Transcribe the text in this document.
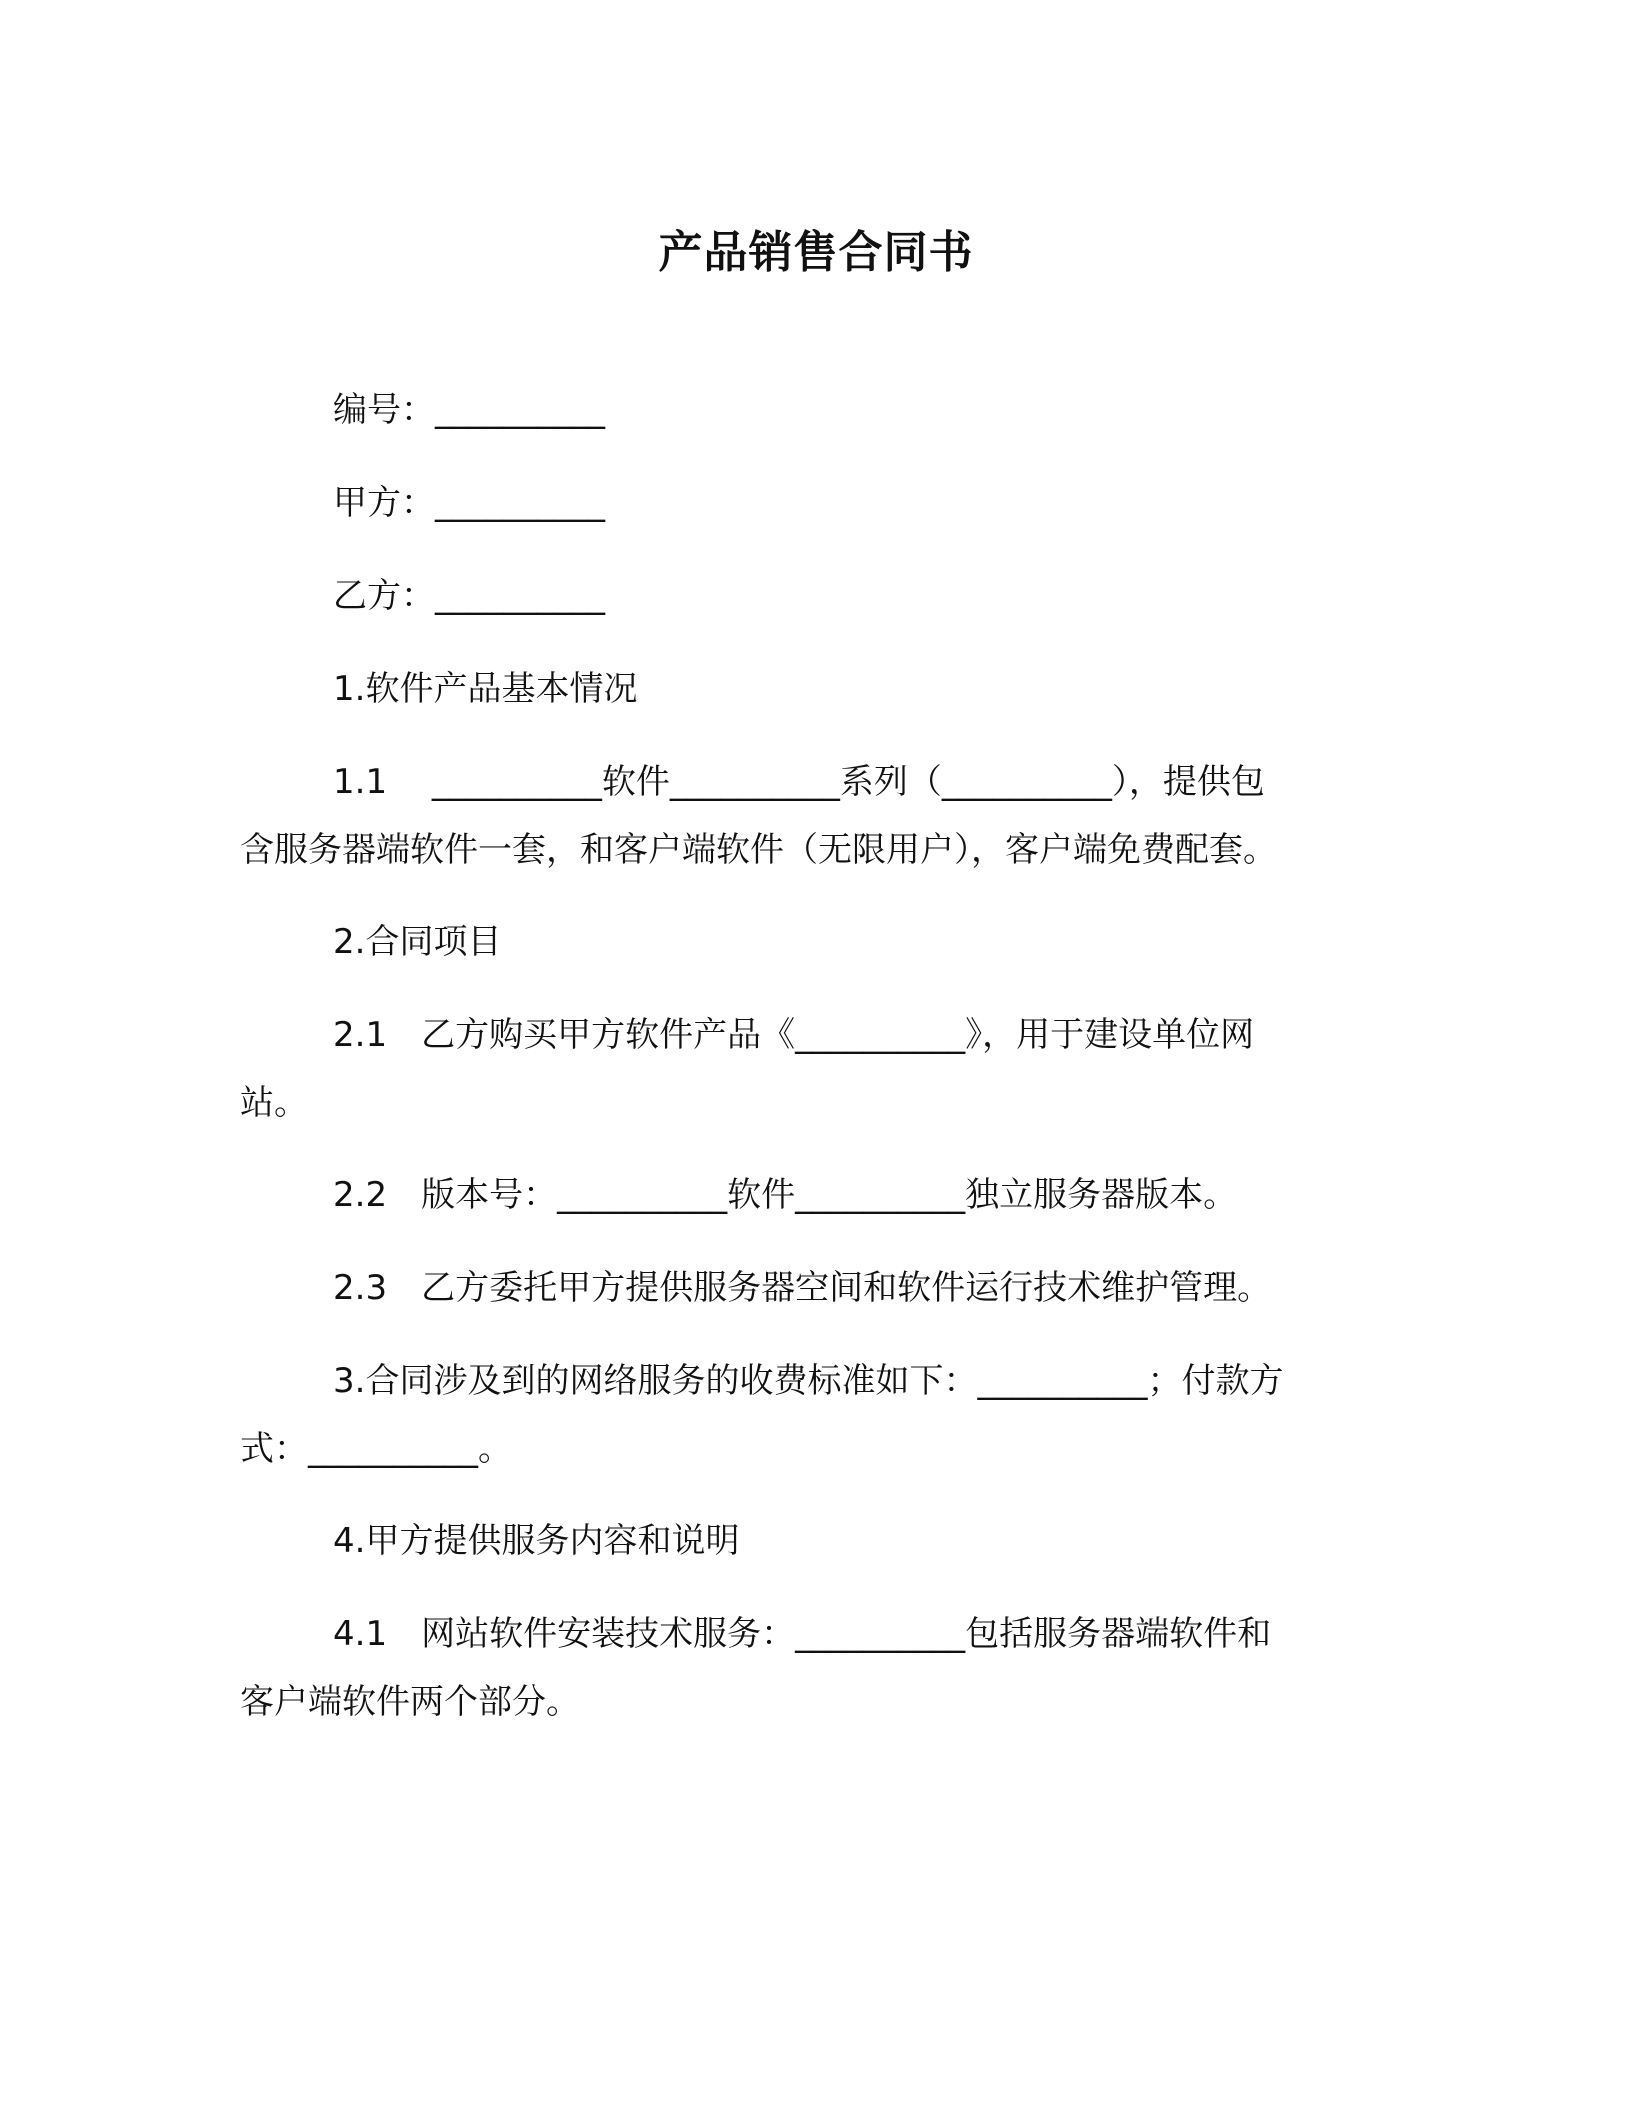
产品销售合同书
编号：__________
甲方：__________
乙方：__________
1.软件产品基本情况
1.1　 __________软件__________系列（__________），提供包
含服务器端软件一套，和客户端软件（无限用户），客户端免费配套。
2.合同项目
2.1　乙方购买甲方软件产品《__________》，用于建设单位网
站。
2.2　版本号：__________软件__________独立服务器版本。
2.3　乙方委托甲方提供服务器空间和软件运行技术维护管理。
3.合同涉及到的网络服务的收费标准如下：__________；付款方
式：__________。
4.甲方提供服务内容和说明
4.1　网站软件安装技术服务：__________包括服务器端软件和
客户端软件两个部分。
